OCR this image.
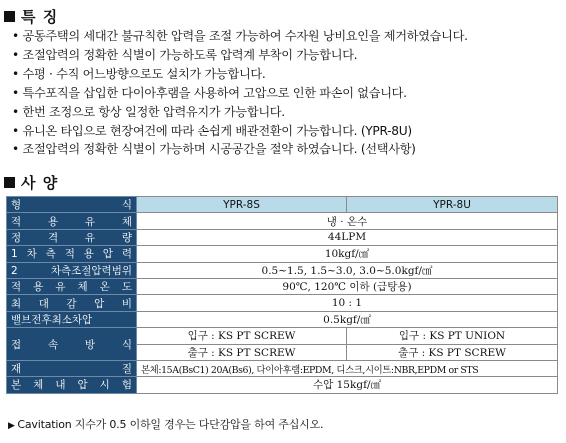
특 징
• 공동주택의 세대간 불규칙한 압력을 조절 가능하여 수자원 낭비요인을 제거하였습니다.
• 조절압력의 정확한 식별이 가능하도록 압력계 부착이 가능합니다.
• 수평 · 수직 어느방향으로도 설치가 가능합니다.
• 특수포직을 삽입한 다이아후램을 사용하여 고압으로 인한 파손이 없습니다.
• 한번 조정으로 항상 일정한 압력유지가 가능합니다.
• 유니온 타입으로 현장여건에 따라 손쉽게 배관전환이 가능합니다. (YPR-8U)
• 조절압력의 정확한 식별이 가능하며 시공공간을 절약 하였습니다. (선택사항)
사 양
형 식	YPR-8S	YPR-8U

적 용 유 체	냉 · 온수	

정 격 유 량	44LPM	

1 차 측 적 용 압 력	10kgf/㎠	

2 차측조절압력범위	0.5∼1.5, 1.5∼3.0, 3.0∼5.0kgf/㎠	

적 용 유 체 온 도	90℃, 120℃ 이하 (급탕용)	

최 대 감 압 비	10 : 1	

밸브전후최소차압	0.5kgf/㎠	

접 속 방 식	입구 : KS PT SCREW	입구 : KS PT UNION
	출구 : KS PT SCREW	출구 : KS PT SCREW

재 질	본체:15A(BsC1) 20A(Bs6), 다이아후램:EPDM, 디스크,시이트:NBR,EPDM or STS	

본 체 내 압 시 험	수압 15kgf/㎠	
▶ Cavitation 지수가 0.5 이하일 경우는 다단감압을 하여 주십시오.
